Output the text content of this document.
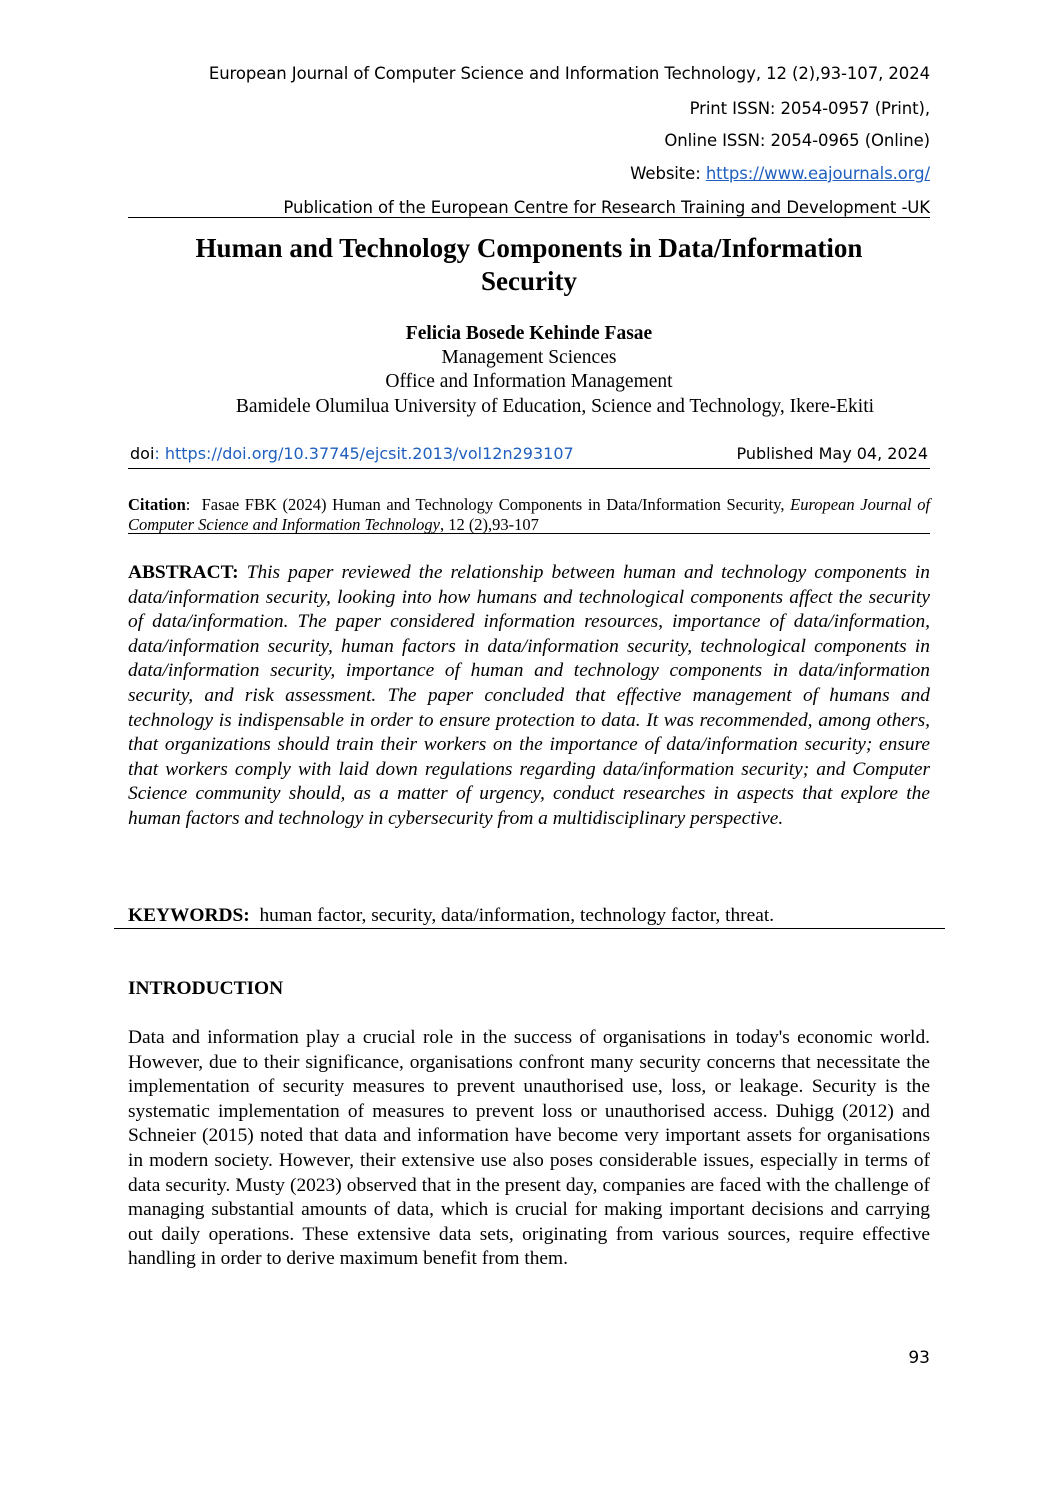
European Journal of Computer Science and Information Technology, 12 (2),93-107, 2024
Print ISSN: 2054-0957 (Print),
Online ISSN: 2054-0965 (Online)
Website: https://www.eajournals.org/
Publication of the European Centre for Research Training and Development -UK
Human and Technology Components in Data/Information
Security
Felicia Bosede Kehinde Fasae
Management Sciences
Office and Information Management
Bamidele Olumilua University of Education, Science and Technology, Ikere-Ekiti
doi: https://doi.org/10.37745/ejcsit.2013/vol12n293107	Published May 04, 2024
Citation: Fasae FBK (2024) Human and Technology Components in Data/Information Security, European Journal of Computer Science and Information Technology, 12 (2),93-107
ABSTRACT: This paper reviewed the relationship between human and technology components in data/information security, looking into how humans and technological components affect the security of data/information. The paper considered information resources, importance of data/information, data/information security, human factors in data/information security, technological components in data/information security, importance of human and technology components in data/information security, and risk assessment. The paper concluded that effective management of humans and technology is indispensable in order to ensure protection to data. It was recommended, among others, that organizations should train their workers on the importance of data/information security; ensure that workers comply with laid down regulations regarding data/information security; and Computer Science community should, as a matter of urgency, conduct researches in aspects that explore the human factors and technology in cybersecurity from a multidisciplinary perspective.
KEYWORDS: human factor, security, data/information, technology factor, threat.
INTRODUCTION
Data and information play a crucial role in the success of organisations in today's economic world. However, due to their significance, organisations confront many security concerns that necessitate the implementation of security measures to prevent unauthorised use, loss, or leakage. Security is the systematic implementation of measures to prevent loss or unauthorised access. Duhigg (2012) and Schneier (2015) noted that data and information have become very important assets for organisations in modern society. However, their extensive use also poses considerable issues, especially in terms of data security. Musty (2023) observed that in the present day, companies are faced with the challenge of managing substantial amounts of data, which is crucial for making important decisions and carrying out daily operations. These extensive data sets, originating from various sources, require effective handling in order to derive maximum benefit from them.
93
